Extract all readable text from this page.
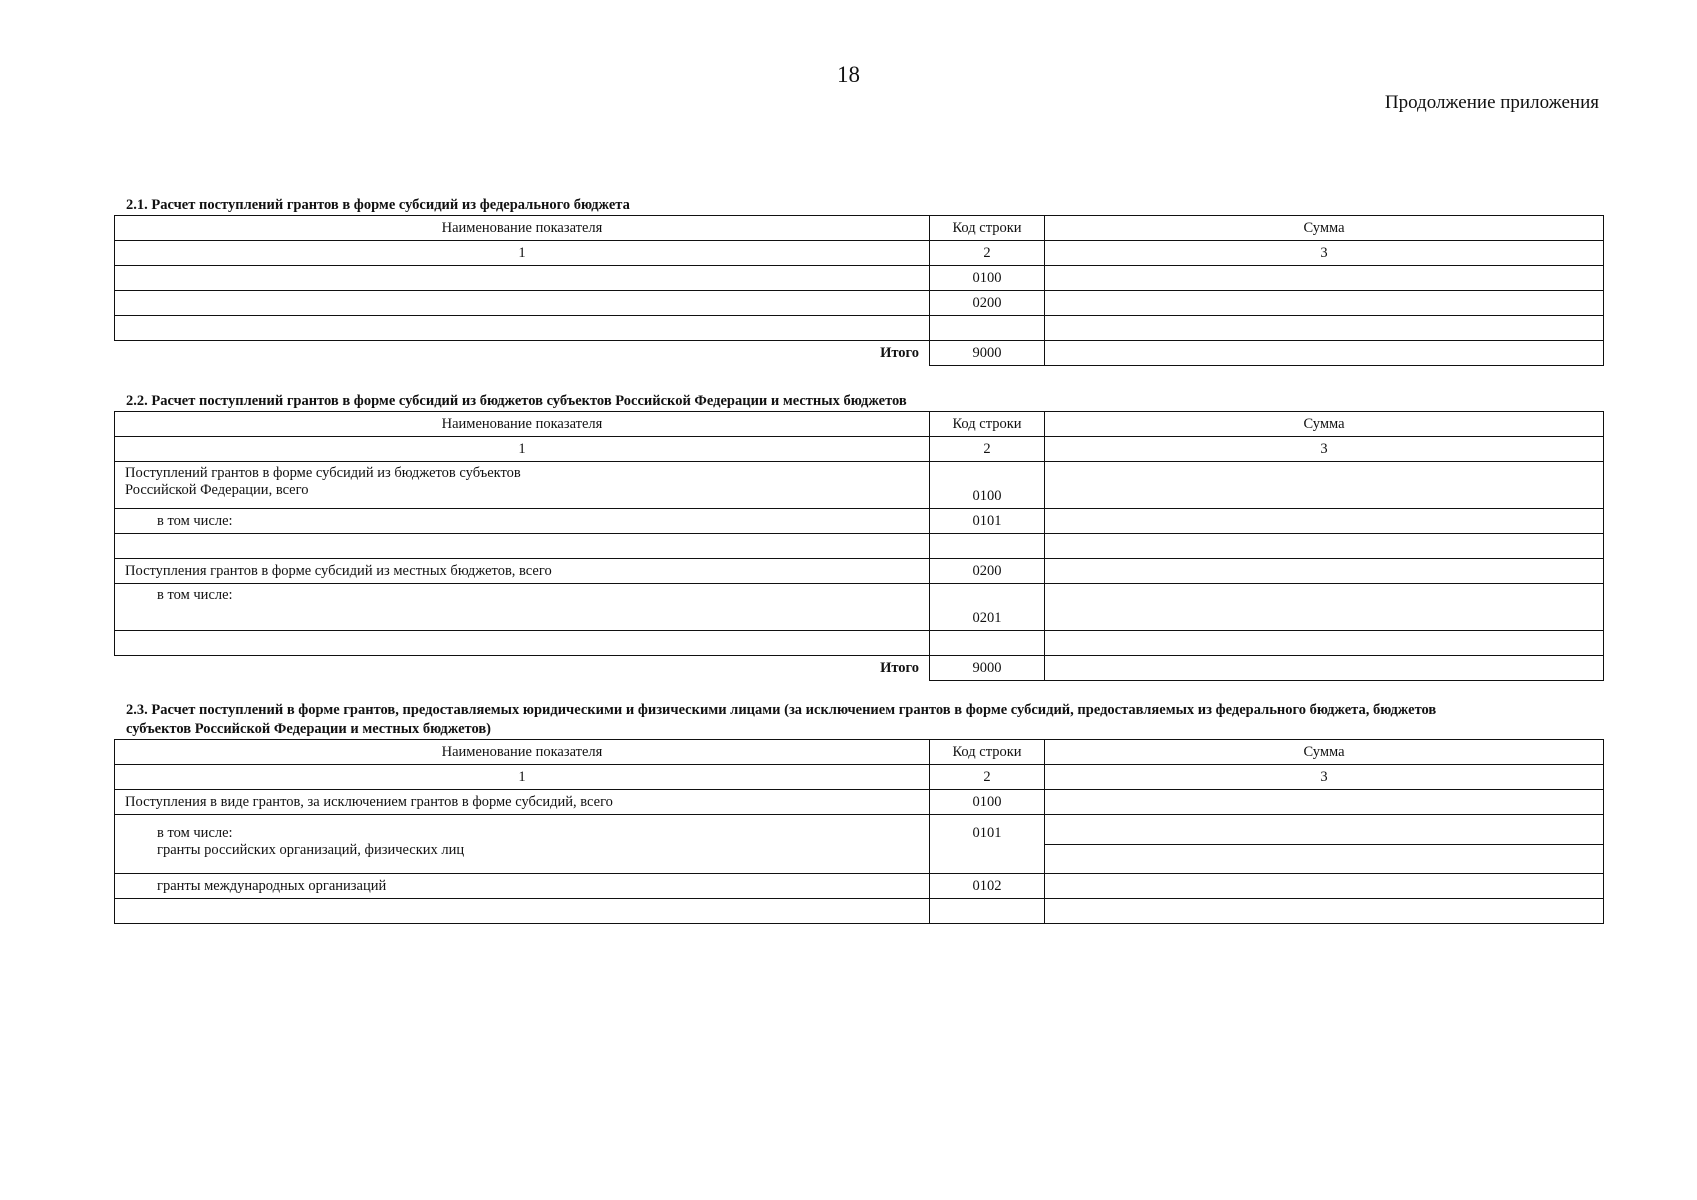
18
Продолжение приложения
2.1. Расчет поступлений грантов в форме субсидий из федерального бюджета
Наименование показателя	Код строки	Сумма
1	2	3
	0100	
	0200	

Итого	9000	
2.2. Расчет поступлений грантов в форме субсидий из бюджетов субъектов Российской Федерации и местных бюджетов
Наименование показателя	Код строки	Сумма
1	2	3

Поступлений грантов в форме субсидий из бюджетов субъектов
Российской Федерации, всего	0100	
в том числе:	0101	

Поступления грантов в форме субсидий из местных бюджетов, всего	0200	
в том числе:	0201	

Итого	9000	
2.3. Расчет поступлений в форме грантов, предоставляемых юридическими и физическими лицами (за исключением грантов в форме субсидий, предоставляемых из федерального бюджета, бюджетов
субъектов Российской Федерации и местных бюджетов)
Наименование показателя	Код строки	Сумма
1	2	3
Поступления в виде грантов, за исключением грантов в форме субсидий, всего	0100	

в том числе:
гранты российских организаций, физических лиц	0101	

гранты международных организаций	0102	
